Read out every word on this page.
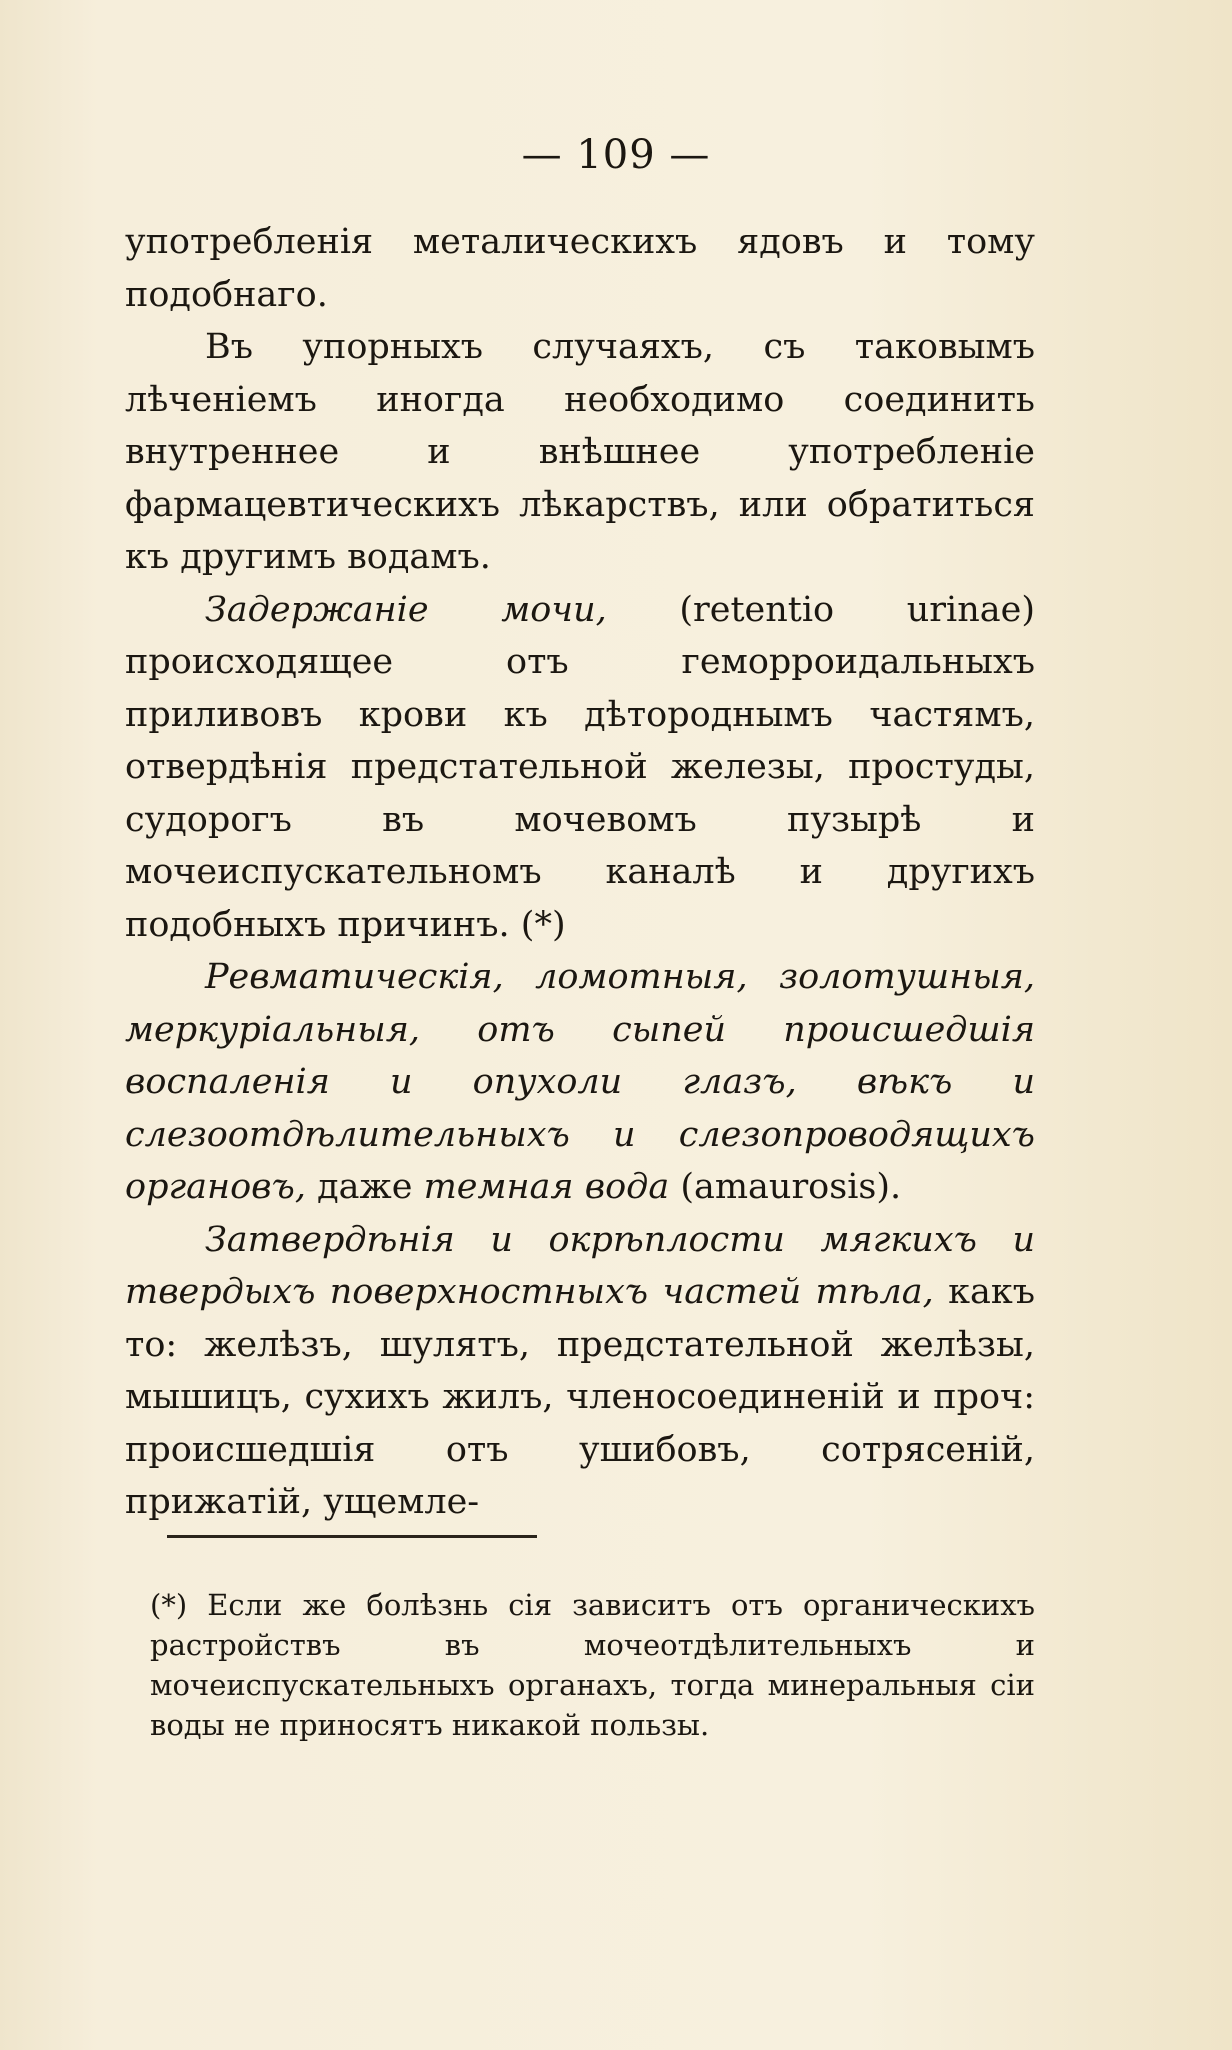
— 109 —

употребленія металическихъ ядовъ и тому подобнаго.

Въ упорныхъ случаяхъ, съ таковымъ лѣченіемъ иногда необходимо соединить внутреннее и внѣшнее употребленіе фармацевтическихъ лѣкарствъ, или обратиться къ другимъ водамъ.

Задержаніе мочи, (retentio urinae) происходящее отъ геморроидальныхъ приливовъ крови къ дѣтороднымъ частямъ, отвердѣнія предстательной железы, простуды, судорогъ въ мочевомъ пузырѣ и мочеиспускательномъ каналѣ и другихъ подобныхъ причинъ. (*)

Ревматическія, ломотныя, золотушныя, меркуріальныя, отъ сыпей происшедшія воспаленія и опухоли глазъ, вѣкъ и слезоотдѣлительныхъ и слезопроводящихъ органовъ, даже темная вода (amaurosis).

Затвердѣнія и окрѣплости мягкихъ и твердыхъ поверхностныхъ частей тѣла, какъ то: желѣзъ, шулятъ, предстательной желѣзы, мышицъ, сухихъ жилъ, членосоединеній и проч: происшедшія отъ ушибовъ, сотрясеній, прижатій, ущемле-

(*) Если же болѣзнь сія зависитъ отъ органическихъ растройствъ въ мочеотдѣлительныхъ и мочеиспускательныхъ органахъ, тогда минеральныя сіи воды не приносятъ никакой пользы.
